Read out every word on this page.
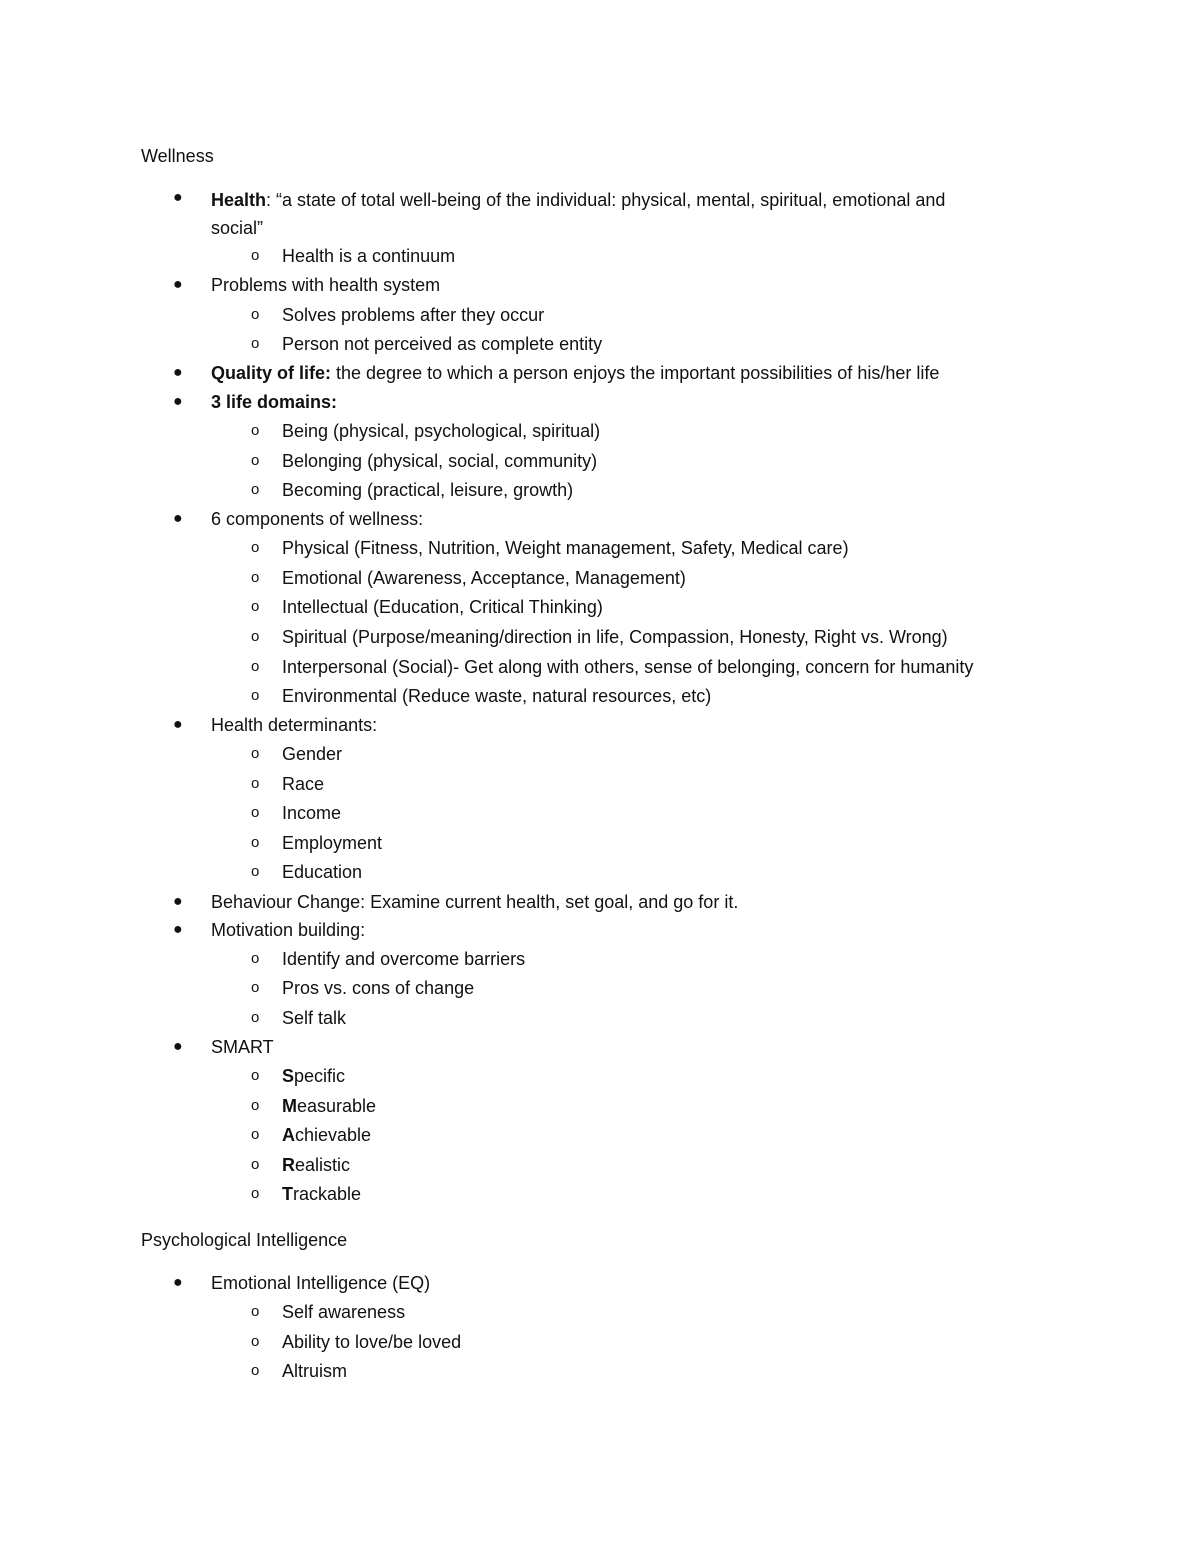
Wellness
● Health: “a state of total well-being of the individual: physical, mental, spiritual, emotional and
social”
o Health is a continuum
● Problems with health system
o Solves problems after they occur
o Person not perceived as complete entity
● Quality of life: the degree to which a person enjoys the important possibilities of his/her life
● 3 life domains:
o Being (physical, psychological, spiritual)
o Belonging (physical, social, community)
o Becoming (practical, leisure, growth)
● 6 components of wellness:
o Physical (Fitness, Nutrition, Weight management, Safety, Medical care)
o Emotional (Awareness, Acceptance, Management)
o Intellectual (Education, Critical Thinking)
o Spiritual (Purpose/meaning/direction in life, Compassion, Honesty, Right vs. Wrong)
o Interpersonal (Social)- Get along with others, sense of belonging, concern for humanity
o Environmental (Reduce waste, natural resources, etc)
● Health determinants:
o Gender
o Race
o Income
o Employment
o Education
● Behaviour Change: Examine current health, set goal, and go for it.
● Motivation building:
o Identify and overcome barriers
o Pros vs. cons of change
o Self talk
● SMART
o Specific
o Measurable
o Achievable
o Realistic
o Trackable
Psychological Intelligence
● Emotional Intelligence (EQ)
o Self awareness
o Ability to love/be loved
o Altruism
